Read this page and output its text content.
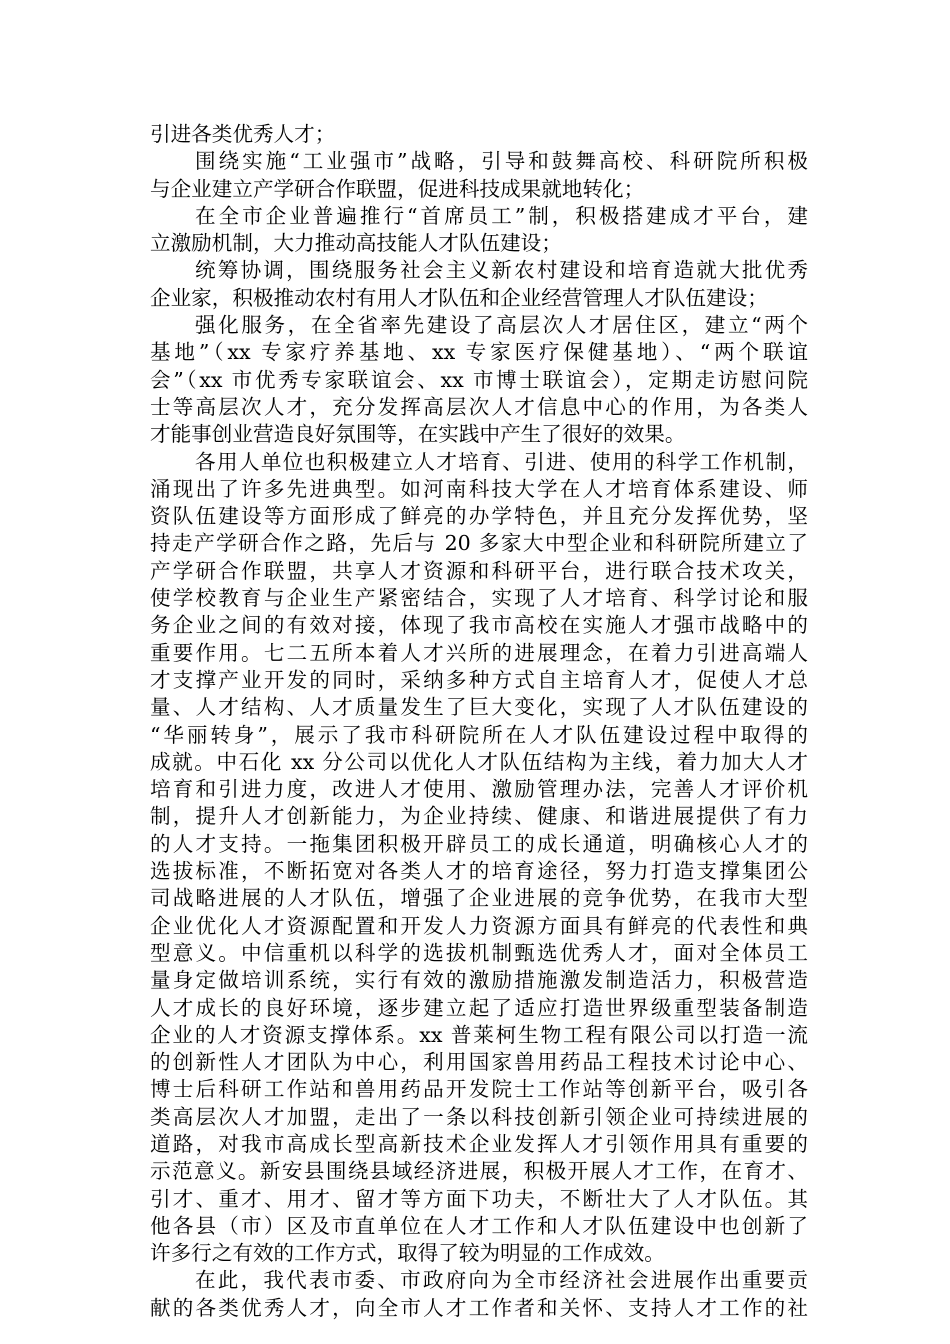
引进各类优秀人才；
围绕实施“工业强市”战略，引导和鼓舞高校、科研院所积极
与企业建立产学研合作联盟，促进科技成果就地转化；
在全市企业普遍推行“首席员工”制，积极搭建成才平台，建
立激励机制，大力推动高技能人才队伍建设；
统筹协调，围绕服务社会主义新农村建设和培育造就大批优秀
企业家，积极推动农村有用人才队伍和企业经营管理人才队伍建设；
强化服务，在全省率先建设了高层次人才居住区，建立“两个
基地”（xx 专家疗养基地、xx 专家医疗保健基地）、“两个联谊
会”（xx 市优秀专家联谊会、xx 市博士联谊会），定期走访慰问院
士等高层次人才，充分发挥高层次人才信息中心的作用，为各类人
才能事创业营造良好氛围等，在实践中产生了很好的效果。
各用人单位也积极建立人才培育、引进、使用的科学工作机制，
涌现出了许多先进典型。如河南科技大学在人才培育体系建设、师
资队伍建设等方面形成了鲜亮的办学特色，并且充分发挥优势，坚
持走产学研合作之路，先后与 20 多家大中型企业和科研院所建立了
产学研合作联盟，共享人才资源和科研平台，进行联合技术攻关，
使学校教育与企业生产紧密结合，实现了人才培育、科学讨论和服
务企业之间的有效对接，体现了我市高校在实施人才强市战略中的
重要作用。七二五所本着人才兴所的进展理念，在着力引进高端人
才支撑产业开发的同时，采纳多种方式自主培育人才，促使人才总
量、人才结构、人才质量发生了巨大变化，实现了人才队伍建设的
“华丽转身”，展示了我市科研院所在人才队伍建设过程中取得的
成就。中石化 xx 分公司以优化人才队伍结构为主线，着力加大人才
培育和引进力度，改进人才使用、激励管理办法，完善人才评价机
制，提升人才创新能力，为企业持续、健康、和谐进展提供了有力
的人才支持。一拖集团积极开辟员工的成长通道，明确核心人才的
选拔标准，不断拓宽对各类人才的培育途径，努力打造支撑集团公
司战略进展的人才队伍，增强了企业进展的竞争优势，在我市大型
企业优化人才资源配置和开发人力资源方面具有鲜亮的代表性和典
型意义。中信重机以科学的选拔机制甄选优秀人才，面对全体员工
量身定做培训系统，实行有效的激励措施激发制造活力，积极营造
人才成长的良好环境，逐步建立起了适应打造世界级重型装备制造
企业的人才资源支撑体系。xx 普莱柯生物工程有限公司以打造一流
的创新性人才团队为中心，利用国家兽用药品工程技术讨论中心、
博士后科研工作站和兽用药品开发院士工作站等创新平台，吸引各
类高层次人才加盟，走出了一条以科技创新引领企业可持续进展的
道路，对我市高成长型高新技术企业发挥人才引领作用具有重要的
示范意义。新安县围绕县域经济进展，积极开展人才工作，在育才、
引才、重才、用才、留才等方面下功夫，不断壮大了人才队伍。其
他各县（市）区及市直单位在人才工作和人才队伍建设中也创新了
许多行之有效的工作方式，取得了较为明显的工作成效。
在此，我代表市委、市政府向为全市经济社会进展作出重要贡
献的各类优秀人才，向全市人才工作者和关怀、支持人才工作的社
